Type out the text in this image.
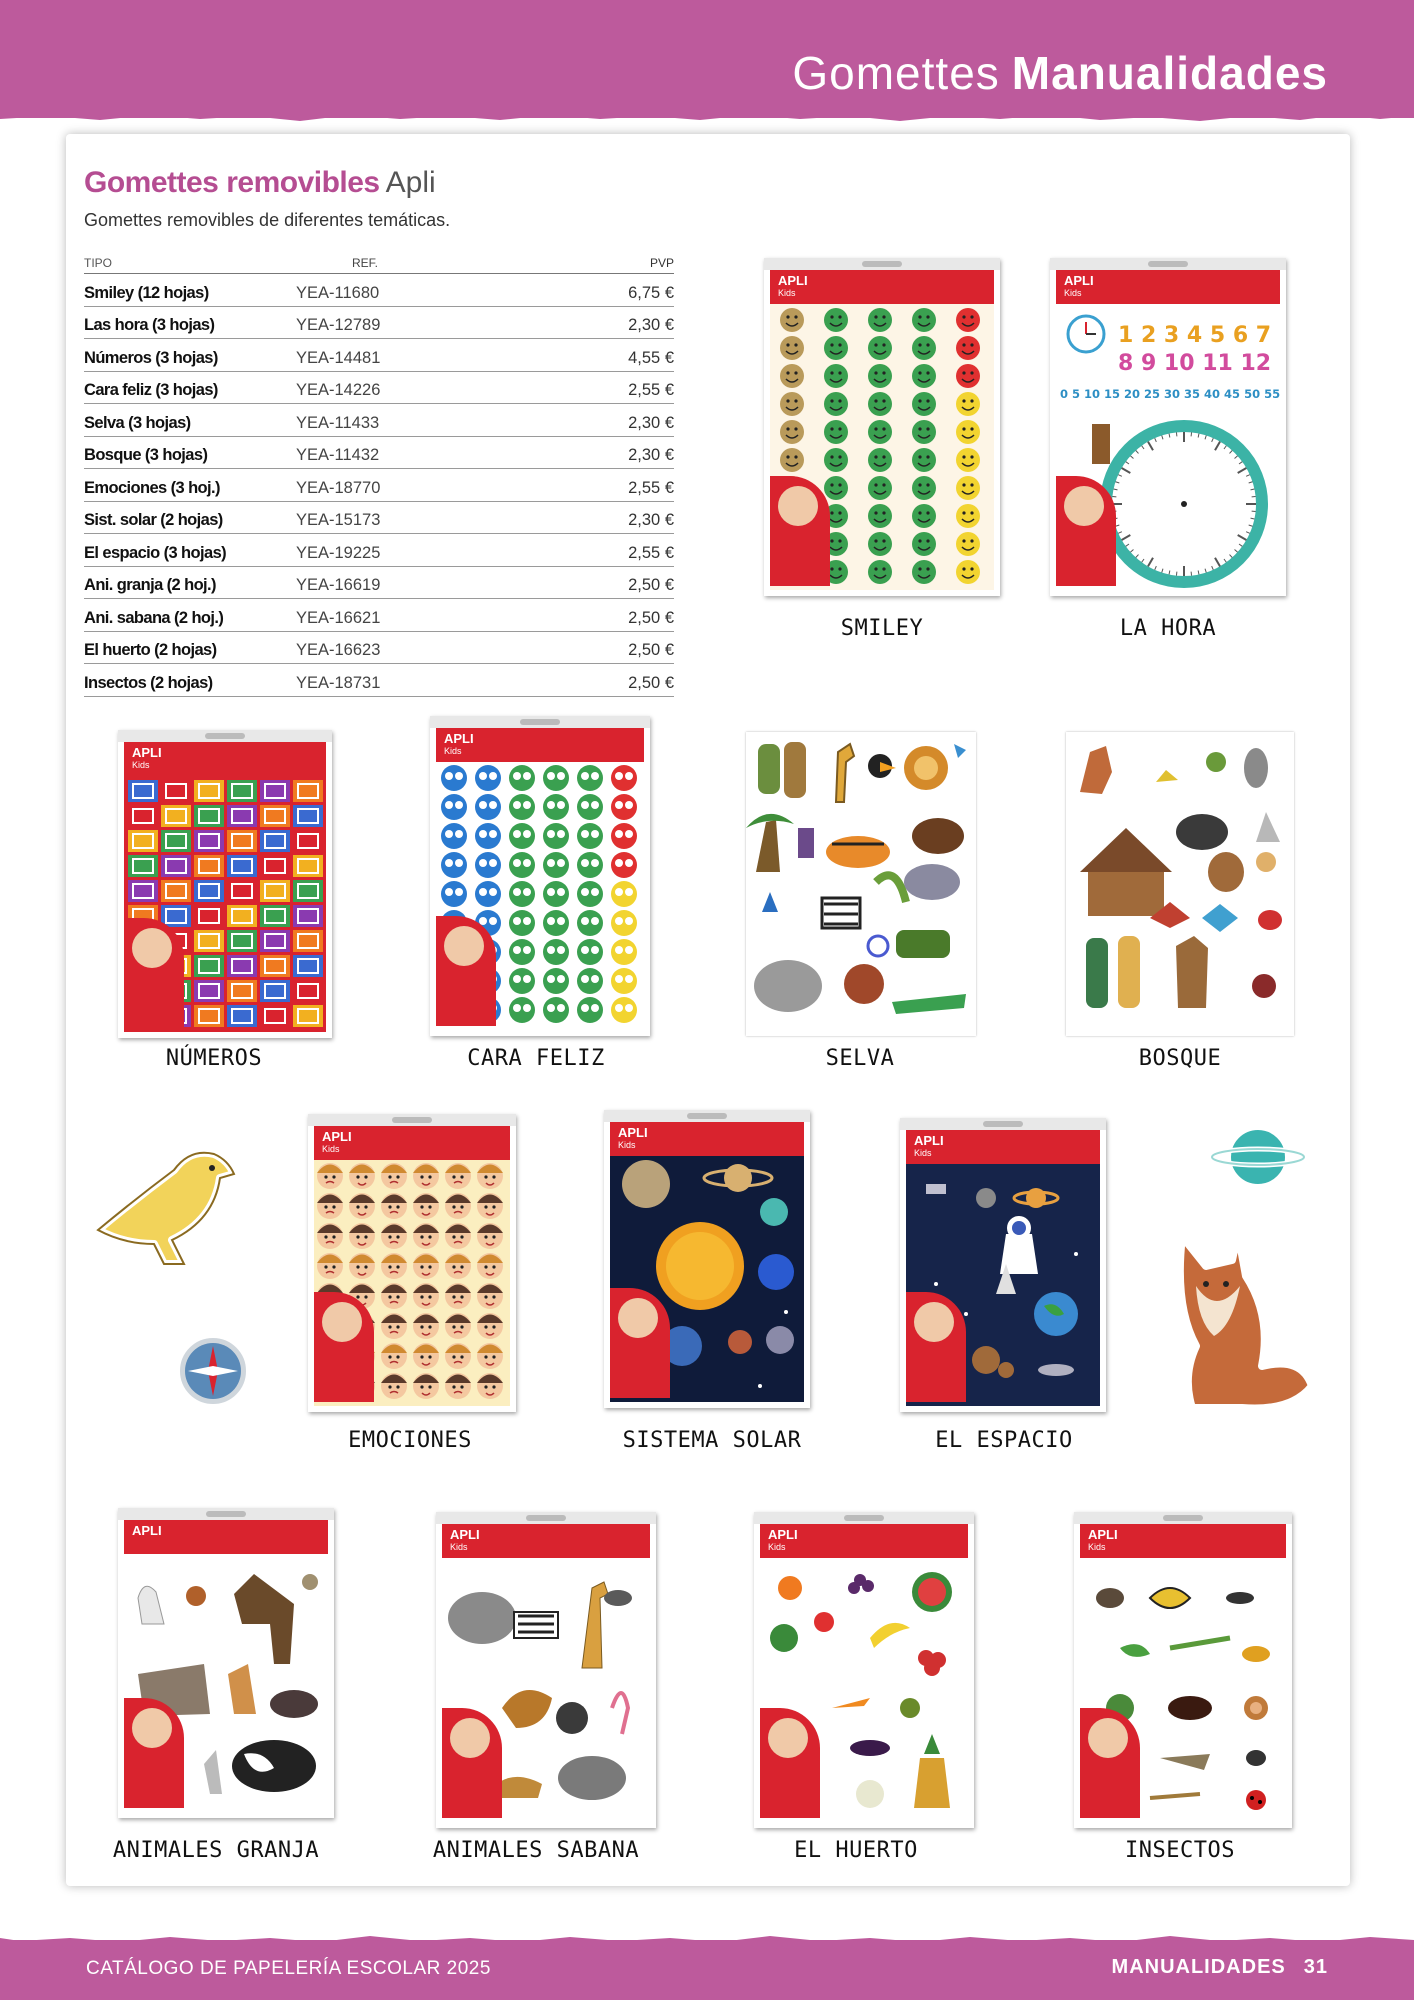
Gomettes Manualidades
Gomettes removibles Apli
Gomettes removibles de diferentes temáticas.
TIPO	REF.	PVP
Smiley (12 hojas)	YEA-11680	6,75 €
Las hora (3 hojas)	YEA-12789	2,30 €
Números (3 hojas)	YEA-14481	4,55 €
Cara feliz (3 hojas)	YEA-14226	2,55 €
Selva (3 hojas)	YEA-11433	2,30 €
Bosque (3 hojas)	YEA-11432	2,30 €
Emociones (3 hoj.)	YEA-18770	2,55 €
Sist. solar (2 hojas)	YEA-15173	2,30 €
El espacio (3 hojas)	YEA-19225	2,55 €
Ani. granja (2 hoj.)	YEA-16619	2,50 €
Ani. sabana (2 hoj.)	YEA-16621	2,50 €
El huerto (2 hojas)	YEA-16623	2,50 €
Insectos (2 hojas)	YEA-18731	2,50 €
APLI
Kids
SMILEY
APLI
Kids
1 2 3 4 5 6 7
8 9 10 11 12
0 5 10 15 20 25 30 35 40 45 50 55
LA HORA
APLI
Kids
NÚMEROS
APLI
Kids
CARA FELIZ	SELVA	BOSQUE
APLI
Kids
EMOCIONES
APLI
Kids
SISTEMA SOLAR
APLI
Kids
EL ESPACIO
APLI
ANIMALES GRANJA
APLI
Kids
ANIMALES SABANA
APLI
Kids
EL HUERTO
APLI
Kids
INSECTOS
CATÁLOGO DE PAPELERÍA ESCOLAR 2025	MANUALIDADES 31
